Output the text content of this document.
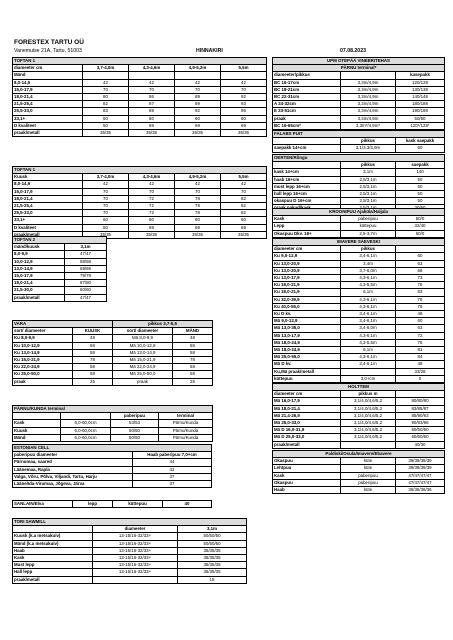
FORESTEX TARTU OÜ
Vanemuise 21A, Tartu, 51003	HINNAKIRI	07.08.2023
TOFTAN 1				
diameeter cm	3,7-4,0m	4,3-4,6m	4,9-5,2m	5,5m
Mänd				
8,0-14,9	42	42	42	42
15,0-17,9	70	70	70	70
18,0-21,4	80	86	89	92
21,5-25,4	82	87	89	93
25,5-33,0	83	89	92	95
33,1+	60	60	60	60
D kvaliteet	50	69	69	69
praak/metall	35/35	35/35	35/35	35/35
TOFTAN 1				
Kuusk	3,7-4,0m	4,3-4,6m	4,9-5,2m	5,5m
8,0-14,9	42	42	42	42
15,0-17,9	70	70	70	70
18,0-21,4	70	72	78	82
21,5-25,4	70	72	78	82
25,5-33,0	70	72	78	82
33,1+	60	60	60	60
D kvaliteet	50	69	69	69
praak/metall	35/35	35/35	35/35	35/35
TOFTAN 2	
mänd/kuusk	3,1m
8,0-9,9	47/47
10,0-12,9	58/58
13,0-14,9	69/69
15,0-17,9	79/79
18,0-21,4	87/80
21,5-30,0	60/60
praak/metall	47/47
VARA		pikkus 3,7-5,5	
sort/ diameeter	KUUSK	sort/ diameeter	MÄND
Ku 8,0-9,9	48	Mä 8,0-9,9	48
Ku 10,0-12,9	58	Mä 10,0-12,9	58
Ku 13,0-14,9	58	Mä 13,0-14,9	58
Ku 15,0-21,9	78	Mä 15,0-21,9	78
Ku 22,0-24,9	58	Mä 22,0-24,9	58
Ku 25,0-50,0	58	Mä 25,0-50,0	58
praak	25	praak	25
PÄRNU/KUNDA terminal			
		paberipuu	terminal
Kask	6,0-60,0cm	53/53	Pärnu/Kunda
Kuusk	6,0-60,0cm	50/50	Pärnu/Kunda
Mänd	6,0-60,0cm	50/50	Pärnu/Kunda
ESTONIAN CELL	
paberipuu diameeter	Haab paberipuu 7,0+cm
Pärnumaa, saared	44
Läänemaa, Rapla	42
Valga, Võru, Põlva, Viljandi, Tartu, Harju	37
Lääne/Ida-Virumaa, Jõgeva, Järva	37
SANLAIN/Elva	lepp	küttepuu	40
TORI SAWMILL		
	diameeter	3,1m
Kuusk (k.a metsakuiv)	13-15/16-32/33+	50/50/50
Mänd (k.a metsakuiv)	13-15/16-32/33+	50/50/50
Haab	13-15/16-32/33+	35/35/35
Kask	13-15/16-32/33+	35/35/35
Must lepp	13-15/16-32/33+	35/35/35
Hall lepp	13-15/16-32/33+	35/35/35
praak/metall		15
UPM OTEPÄÄ VINEERITEHAS		
PÄRNU terminal*		
diameeter/pikkus		kasepakk
BC 16-17cm	3,3m/4,9m	120/128
BC 18-21cm	3,3m/4,9m	130/138
BC 22-31cm	3,3m/4,9m	140/148
A 24-32cm	3,3m/4,9m	180/188
E 33-51cm	3,3m/4,9m	190/198
praak	3,3m/4,9m	50/50
BC 16-65cm*	3,3m*/4,9m*	120*/128*
FALABS PUIT		
	pikkus	kask saepakk
saepakk 14+cm	3,1/3,3/4,9m	60
OERTEN/Rõngu		
	pikkus	saepakk
kask 14+cm	3,1m	140
haab 16+cm	2,5/3,1m	50
must lepp 16+cm	2,5/3,1m	50
hall lepp 16+cm	2,5/3,1m	50
okaspuu D 16+cm	2,5/3,1m	50

KROONIPUU Ajaküla/Haljala		
Kask	paberipuu	50/0
Lepp	küttepuu	32/40
Okaspuu Dkv. 18+	2,5-3,7m	60/0
IMAVERE SAEVESKI		
diameeter cm	pikkus	
Ku 9,0-12,9	3,4-6,1m	60
Ku 13,0-20,9	3,4m	63
Ku 13,0-20,9	3,7-6,0m	68
Ku 13,0-17,9	4,3-6,1m	73
Ku 18,0-21,9	4,3-5,5m	76
Ku 18,0-21,9	6,1m	83
Ku 32,0-39,9	4,3-6,1m	76
Ku 40,0-55,0	4,3-6,1m	76
Ku D kv.	3,4-6,1m	48
Mä 9,0-12,9	3,4-6,1m	60
Mä 13,0-35,0	3,4-6,0m	63
Mä 13,0-17,9	4,3-6,1m	72
Mä 18,0-24,9	4,3-5,5m	76
Mä 18,0-24,9	6,1m	81
Mä 25,0-55,0	4,3-6,1m	84
Mä D kv.	3,4-6,1m	48
Ku,Mä praak/metall		33/28
küttepuu	3,0+cm	0
HOLTTEM		
diameeter cm	pikkus m	
Mä 16,0-17,9	3,1/4,0/4,6/5,2	80/80/80
Mä 18,0-21,4	3,1/4,0/4,6/5,2	83/85/87
Mä 21,4-26,9	3,1/4,0/4,6/5,2	85/90/93
Mä 25,0-33,0	3,1/4,0/4,6/5,2	90/93/96
Mä D 16,0-31,9	3,1/4,0/4,6/5,2	50/50/50
Mä D 25,0-33,0	3,1/4,0/4,6/5,2	60/60/60
praak/metall		40/30
Paldiski/Osula/Imavere/Ebavere		
Okaspuu	küte	39/39/39/39
Lehtpuu	küte	39/39/39/39
Kask	paberipuu	47/47/47/47
Okaspuu	paberipuu	47/47/47/47
Haab	küte	36/36/36/36
